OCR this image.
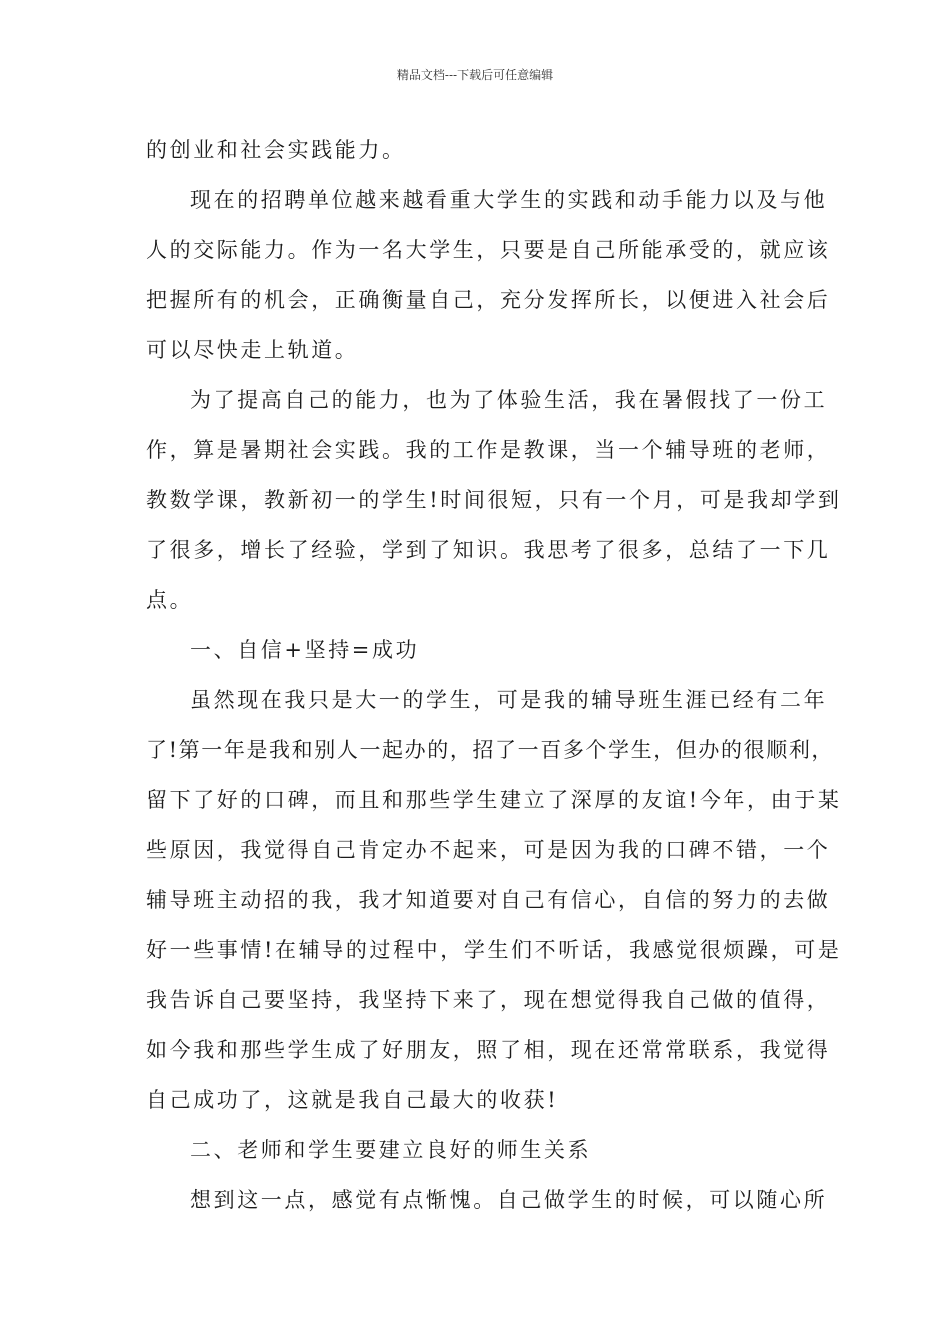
精品文档---下载后可任意编辑
的创业和社会实践能力。
现在的招聘单位越来越看重大学生的实践和动手能力以及与他
人的交际能力。作为一名大学生，只要是自己所能承受的，就应该
把握所有的机会，正确衡量自己，充分发挥所长，以便进入社会后
可以尽快走上轨道。
为了提高自己的能力，也为了体验生活，我在暑假找了一份工
作，算是暑期社会实践。我的工作是教课，当一个辅导班的老师，
教数学课，教新初一的学生!时间很短，只有一个月，可是我却学到
了很多，增长了经验，学到了知识。我思考了很多，总结了一下几
点。
一、自信+坚持=成功
虽然现在我只是大一的学生，可是我的辅导班生涯已经有二年
了!第一年是我和别人一起办的，招了一百多个学生，但办的很顺利，
留下了好的口碑，而且和那些学生建立了深厚的友谊!今年，由于某
些原因，我觉得自己肯定办不起来，可是因为我的口碑不错，一个
辅导班主动招的我，我才知道要对自己有信心，自信的努力的去做
好一些事情!在辅导的过程中，学生们不听话，我感觉很烦躁，可是
我告诉自己要坚持，我坚持下来了，现在想觉得我自己做的值得，
如今我和那些学生成了好朋友，照了相，现在还常常联系，我觉得
自己成功了，这就是我自己最大的收获!
二、老师和学生要建立良好的师生关系
想到这一点，感觉有点惭愧。自己做学生的时候，可以随心所
